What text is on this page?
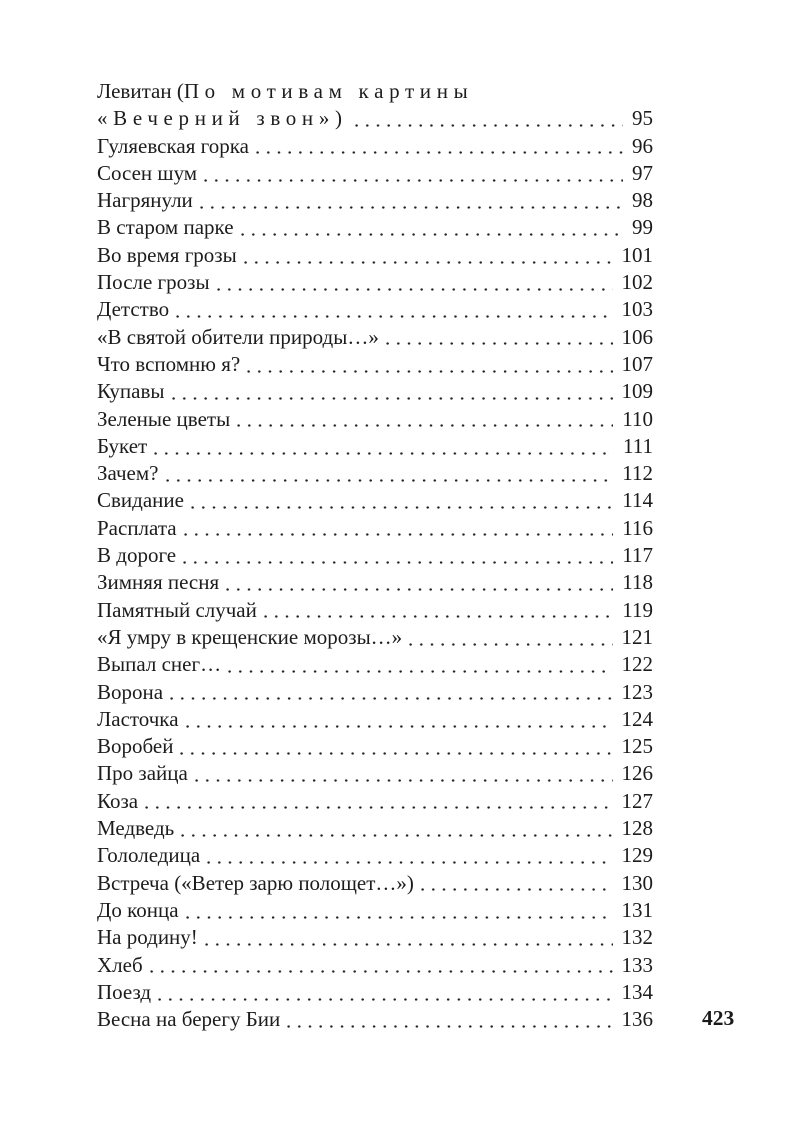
Левитан (По мотивам картины
«Вечерний звон»)	95
Гуляевская горка	96
Сосен шум	97
Нагрянули	98
В старом парке	99
Во время грозы	101
После грозы	102
Детство	103
«В святой обители природы…»	106
Что вспомню я?	107
Купавы	109
Зеленые цветы	110
Букет	111
Зачем?	112
Свидание	114
Расплата	116
В дороге	117
Зимняя песня	118
Памятный случай	119
«Я умру в крещенские морозы…»	121
Выпал снег…	122
Ворона	123
Ласточка	124
Воробей	125
Про зайца	126
Коза	127
Медведь	128
Гололедица	129
Встреча («Ветер зарю полощет…»)	130
До конца	131
На родину!	132
Хлеб	133
Поезд	134
Весна на берегу Бии	136 423
